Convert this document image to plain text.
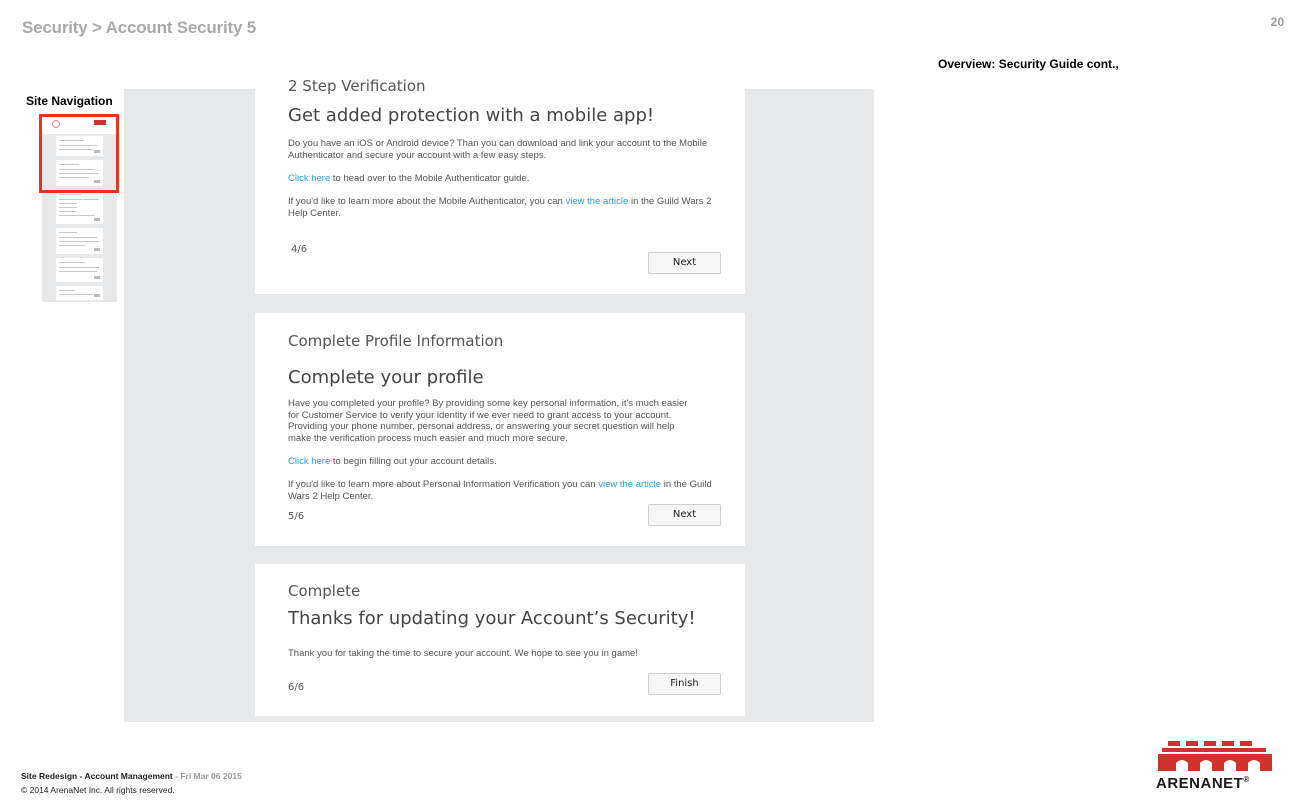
Security > Account Security 5	20
Overview: Security Guide cont.,
Site Navigation
2 Step Verification
Get added protection with a mobile app!
Do you have an iOS or Android device? Than you can download and link your account to the Mobile Authenticator and secure your account with a few easy steps.
Click here to head over to the Mobile Authenticator guide.
If you'd like to learn more about the Mobile Authenticator, you can view the article in the Guild Wars 2 Help Center.
4/6
Next
Complete Profile Information
Complete your profile
Have you completed your profile? By providing some key personal information, it's much easier for Customer Service to verify your identity if we ever need to grant access to your account. Providing your phone number, personal address, or answering your secret question will help make the verification process much easier and much more secure.
Click here to begin filling out your account details.
If you'd like to learn more about Personal Information Verification you can view the article in the Guild Wars 2 Help Center.
5/6	Next
Complete
Thanks for updating your Account’s Security!
Thank you for taking the time to secure your account. We hope to see you in game!
6/6	Finish
Site Redesign - Account Management - Fri Mar 06 2015
© 2014 ArenaNet Inc. All rights reserved.	ARENANET®
